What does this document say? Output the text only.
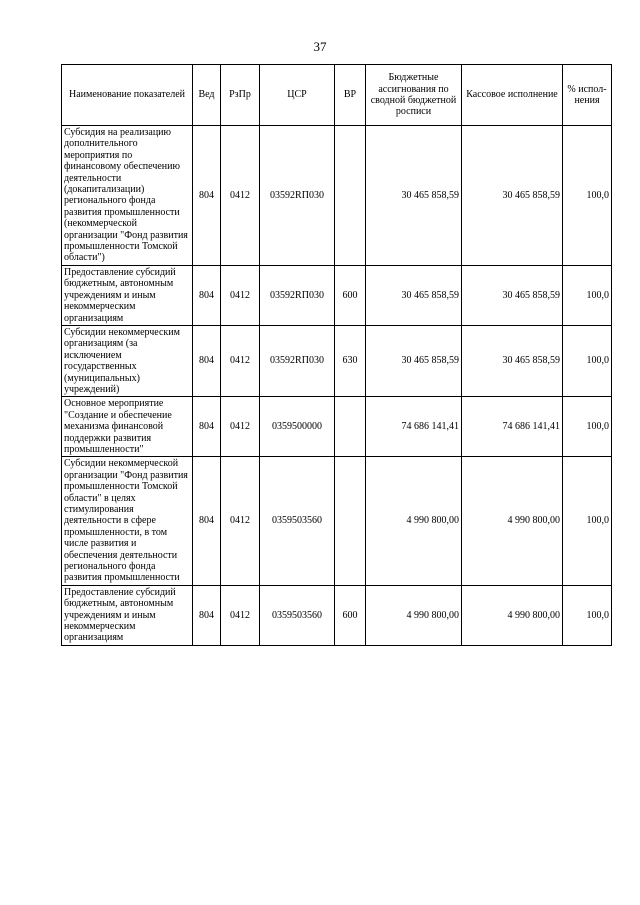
37
Наименование показателей	Вед	РзПр	ЦСР	ВР	Бюджетные ассигнования по сводной бюджетной росписи	Кассовое исполнение	% испол-нения
Субсидия на реализацию дополнительного мероприятия по финансовому обеспечению деятельности (докапитализации) регионального фонда развития промышленности (некоммерческой организации "Фонд развития промышленности Томской области")	804	0412	03592RП030		30 465 858,59	30 465 858,59	100,0
Предоставление субсидий бюджетным, автономным учреждениям и иным некоммерческим организациям	804	0412	03592RП030	600	30 465 858,59	30 465 858,59	100,0
Субсидии некоммерческим организациям (за исключением государственных (муниципальных) учреждений)	804	0412	03592RП030	630	30 465 858,59	30 465 858,59	100,0
Основное мероприятие "Создание и обеспечение механизма финансовой поддержки развития промышленности"	804	0412	0359500000		74 686 141,41	74 686 141,41	100,0
Субсидии некоммерческой организации "Фонд развития промышленности Томской области" в целях стимулирования деятельности в сфере промышленности, в том числе развития и обеспечения деятельности регионального фонда развития промышленности	804	0412	0359503560		4 990 800,00	4 990 800,00	100,0
Предоставление субсидий бюджетным, автономным учреждениям и иным некоммерческим организациям	804	0412	0359503560	600	4 990 800,00	4 990 800,00	100,0
